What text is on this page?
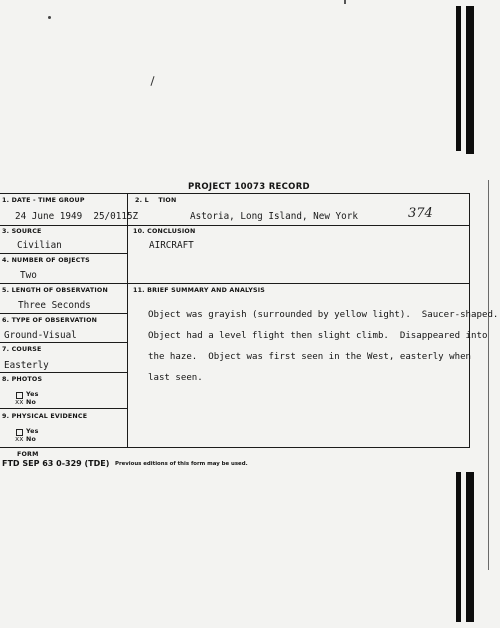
PROJECT 10073 RECORD
1. DATE - TIME GROUP
24 June 1949  25/0115Z
2. L    TION
Astoria, Long Island, New York	374
3. SOURCE
Civilian
10. CONCLUSION
AIRCRAFT
4. NUMBER OF OBJECTS
Two
5. LENGTH OF OBSERVATION
Three Seconds
11. BRIEF SUMMARY AND ANALYSIS

Object was grayish (surrounded by yellow light).  Saucer-shaped.

Object had a level flight then slight climb.  Disappeared into

the haze.  Object was first seen in the West, easterly when

last seen.

6. TYPE OF OBSERVATION
Ground-Visual
7. COURSE
Easterly
8. PHOTOS
Yes
xx No
9. PHYSICAL EVIDENCE
Yes
xx No
FORM
FTD SEP 63 0-329 (TDE) Previous editions of this form may be used.
